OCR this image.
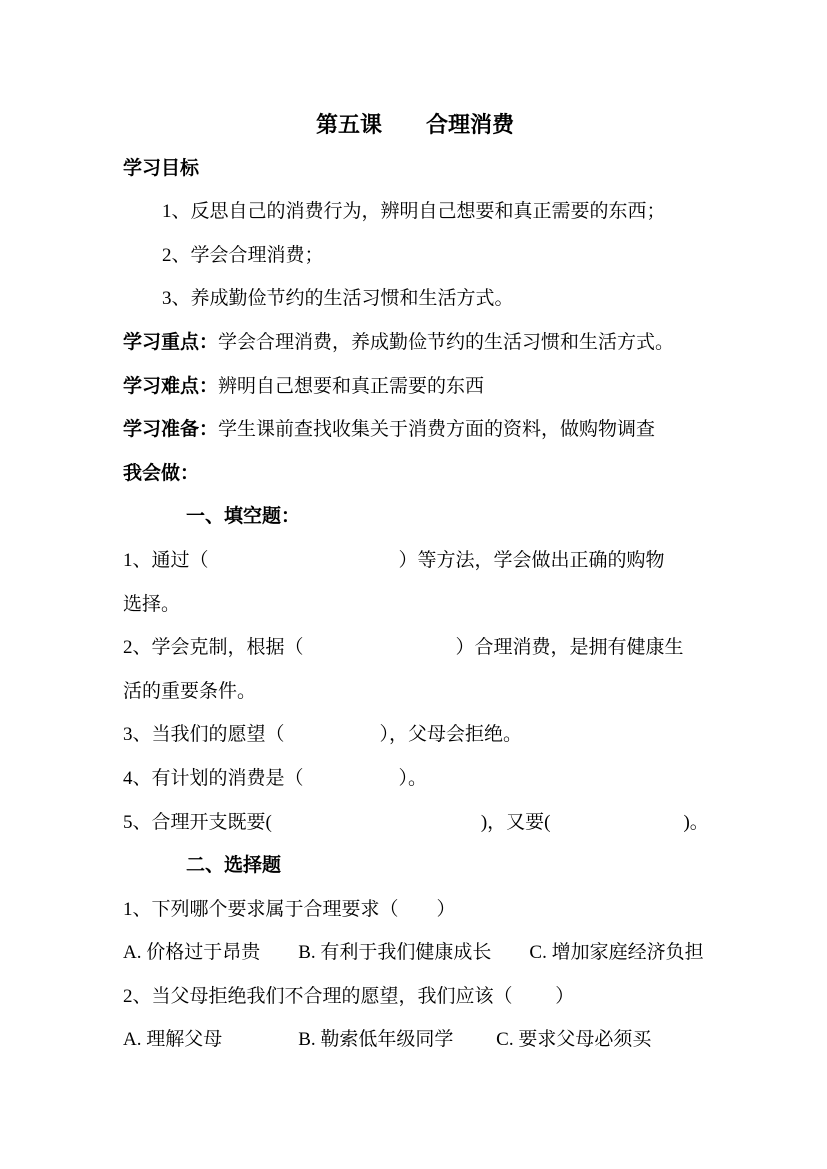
第五课　　合理消费
学习目标
1、反思自己的消费行为，辨明自己想要和真正需要的东西；
2、学会合理消费；
3、养成勤俭节约的生活习惯和生活方式。
学习重点：学会合理消费，养成勤俭节约的生活习惯和生活方式。
学习难点：辨明自己想要和真正需要的东西
学习准备：学生课前查找收集关于消费方面的资料，做购物调查
我会做：
一、填空题：
1、通过（　　　　　　　　　　）等方法，学会做出正确的购物
选择。
2、学会克制，根据（　　　　　　　　）合理消费，是拥有健康生
活的重要条件。
3、当我们的愿望（　　　　　），父母会拒绝。
4、有计划的消费是（　　　　　）。
5、合理开支既要(　　　　　　　　　　　)，又要(　　　　　　　)。
二、选择题
1、下列哪个要求属于合理要求（　　）
A. 价格过于昂贵　　B. 有利于我们健康成长　　C. 增加家庭经济负担
2、当父母拒绝我们不合理的愿望，我们应该（　　 ）
A. 理解父母　　　　B. 勒索低年级同学　　 C. 要求父母必须买
